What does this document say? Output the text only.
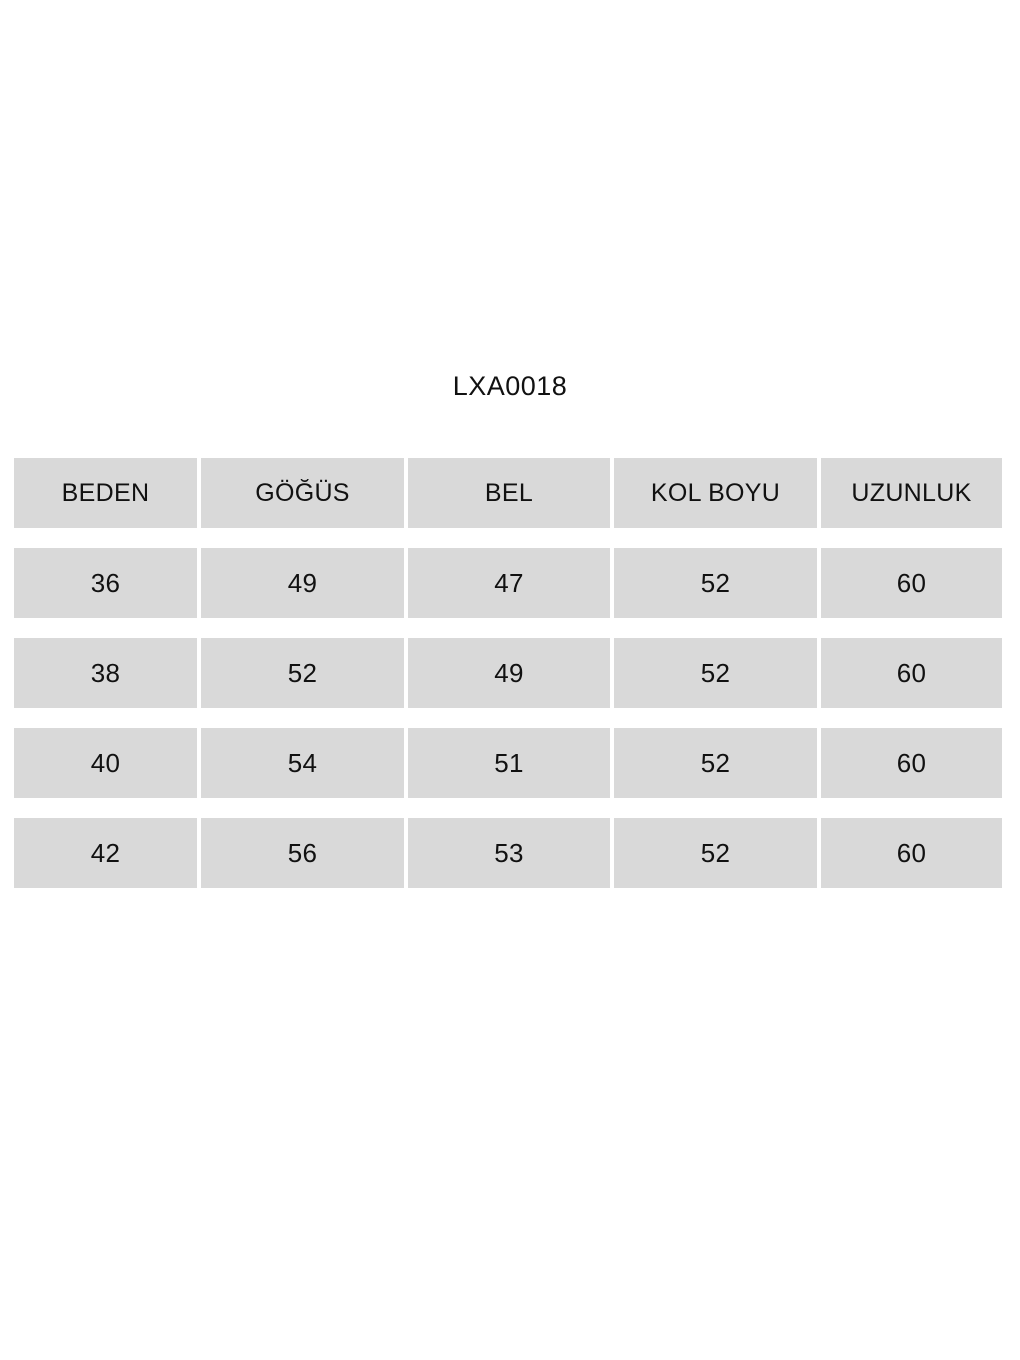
LXA0018
BEDEN	GÖĞÜS	BEL	KOL BOYU	UZUNLUK
36	49	47	52	60
38	52	49	52	60
40	54	51	52	60
42	56	53	52	60
